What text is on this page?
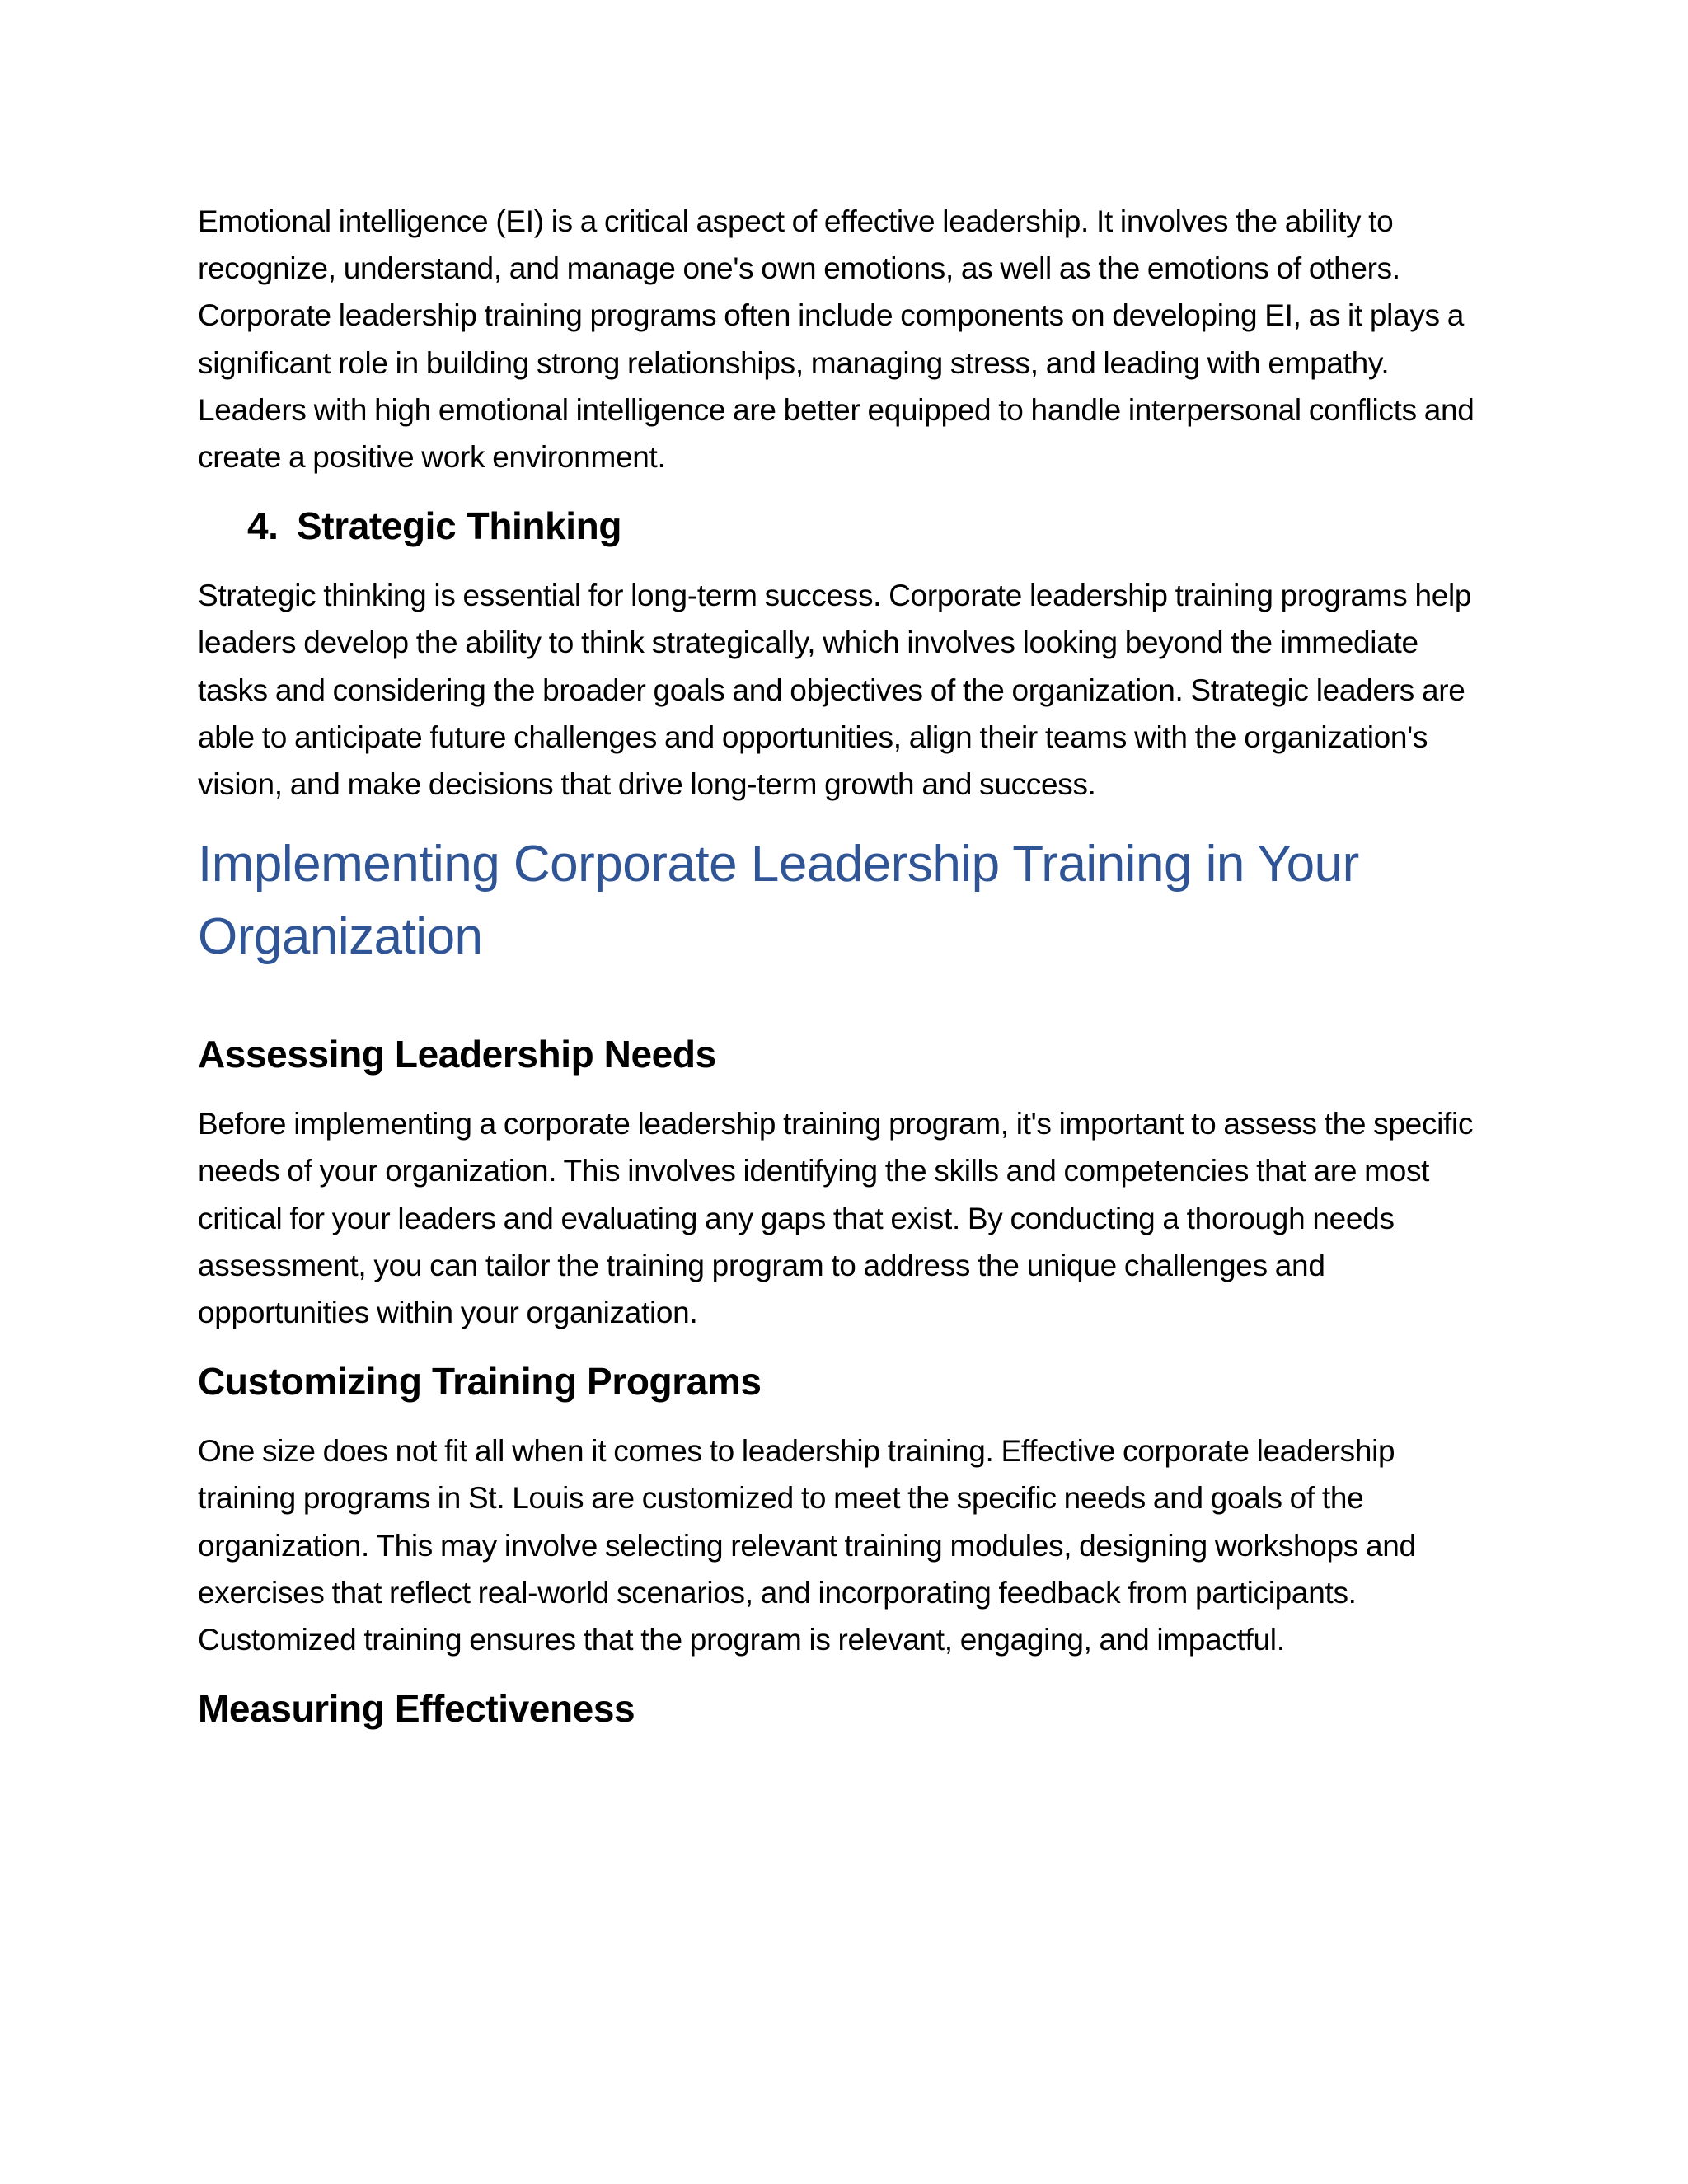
Emotional intelligence (EI) is a critical aspect of effective leadership. It involves the ability to recognize, understand, and manage one's own emotions, as well as the emotions of others. Corporate leadership training programs often include components on developing EI, as it plays a significant role in building strong relationships, managing stress, and leading with empathy. Leaders with high emotional intelligence are better equipped to handle interpersonal conflicts and create a positive work environment.

4. Strategic Thinking

Strategic thinking is essential for long-term success. Corporate leadership training programs help leaders develop the ability to think strategically, which involves looking beyond the immediate tasks and considering the broader goals and objectives of the organization. Strategic leaders are able to anticipate future challenges and opportunities, align their teams with the organization's vision, and make decisions that drive long-term growth and success.

Implementing Corporate Leadership Training in Your Organization
Assessing Leadership Needs

Before implementing a corporate leadership training program, it's important to assess the specific needs of your organization. This involves identifying the skills and competencies that are most critical for your leaders and evaluating any gaps that exist. By conducting a thorough needs assessment, you can tailor the training program to address the unique challenges and opportunities within your organization.

Customizing Training Programs

One size does not fit all when it comes to leadership training. Effective corporate leadership training programs in St. Louis are customized to meet the specific needs and goals of the organization. This may involve selecting relevant training modules, designing workshops and exercises that reflect real-world scenarios, and incorporating feedback from participants. Customized training ensures that the program is relevant, engaging, and impactful.

Measuring Effectiveness
